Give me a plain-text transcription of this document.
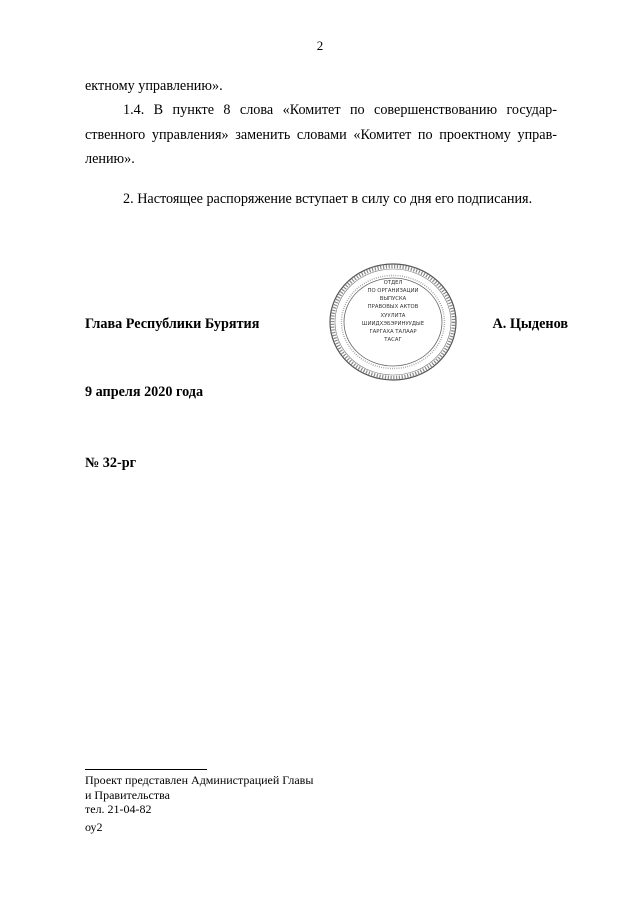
2
ектному управлению».
1.4. В пункте 8 слова «Комитет по совершенствованию государ-ственного управления» заменить словами «Комитет по проектному управ-лению».
2. Настоящее распоряжение вступает в силу со дня его подписания.
Глава Республики Бурятия
ОТДЕЛ
ПО ОРГАНИЗАЦИИ
ВЫПУСКА
ПРАВОВЫХ АКТОВ
ХУУЛИТА
ШИИДХЭБЭРИНУУДЫЕ
ГАРГАХА ТАЛААР
ТАСАГ
А. Цыденов
9 апреля 2020 года
№ 32-рг
Проект представлен Администрацией Главы
и Правительства
тел. 21-04-82
оу2
